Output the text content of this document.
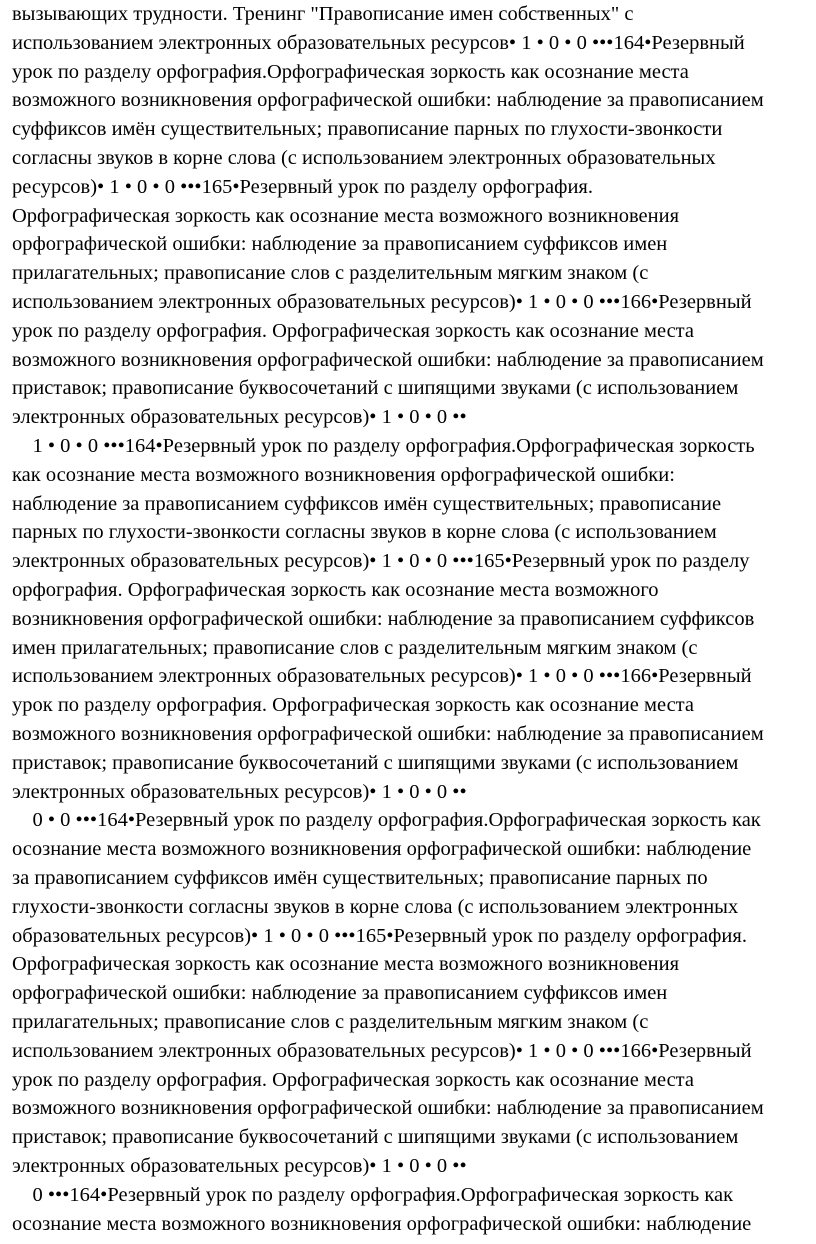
вызывающих трудности. Тренинг "Правописание имен собственных" с
использованием электронных образовательных ресурсов• 1 • 0 • 0 •••164•Резервный
урок по разделу орфография.Орфографическая зоркость как осознание места
возможного возникновения орфографической ошибки: наблюдение за правописанием
суффиксов имён существительных; правописание парных по глухости-звонкости
согласны звуков в корне слова (с использованием электронных образовательных
ресурсов)• 1 • 0 • 0 •••165•Резервный урок по разделу орфография.
Орфографическая зоркость как осознание места возможного возникновения
орфографической ошибки: наблюдение за правописанием суффиксов имен
прилагательных; правописание слов с разделительным мягким знаком (с
использованием электронных образовательных ресурсов)• 1 • 0 • 0 •••166•Резервный
урок по разделу орфография. Орфографическая зоркость как осознание места
возможного возникновения орфографической ошибки: наблюдение за правописанием
приставок; правописание буквосочетаний с шипящими звуками (с использованием
электронных образовательных ресурсов)• 1 • 0 • 0 ••
1 • 0 • 0 •••164•Резервный урок по разделу орфография.Орфографическая зоркость
как осознание места возможного возникновения орфографической ошибки:
наблюдение за правописанием суффиксов имён существительных; правописание
парных по глухости-звонкости согласны звуков в корне слова (с использованием
электронных образовательных ресурсов)• 1 • 0 • 0 •••165•Резервный урок по разделу
орфография. Орфографическая зоркость как осознание места возможного
возникновения орфографической ошибки: наблюдение за правописанием суффиксов
имен прилагательных; правописание слов с разделительным мягким знаком (с
использованием электронных образовательных ресурсов)• 1 • 0 • 0 •••166•Резервный
урок по разделу орфография. Орфографическая зоркость как осознание места
возможного возникновения орфографической ошибки: наблюдение за правописанием
приставок; правописание буквосочетаний с шипящими звуками (с использованием
электронных образовательных ресурсов)• 1 • 0 • 0 ••
0 • 0 •••164•Резервный урок по разделу орфография.Орфографическая зоркость как
осознание места возможного возникновения орфографической ошибки: наблюдение
за правописанием суффиксов имён существительных; правописание парных по
глухости-звонкости согласны звуков в корне слова (с использованием электронных
образовательных ресурсов)• 1 • 0 • 0 •••165•Резервный урок по разделу орфография.
Орфографическая зоркость как осознание места возможного возникновения
орфографической ошибки: наблюдение за правописанием суффиксов имен
прилагательных; правописание слов с разделительным мягким знаком (с
использованием электронных образовательных ресурсов)• 1 • 0 • 0 •••166•Резервный
урок по разделу орфография. Орфографическая зоркость как осознание места
возможного возникновения орфографической ошибки: наблюдение за правописанием
приставок; правописание буквосочетаний с шипящими звуками (с использованием
электронных образовательных ресурсов)• 1 • 0 • 0 ••
0 •••164•Резервный урок по разделу орфография.Орфографическая зоркость как
осознание места возможного возникновения орфографической ошибки: наблюдение
